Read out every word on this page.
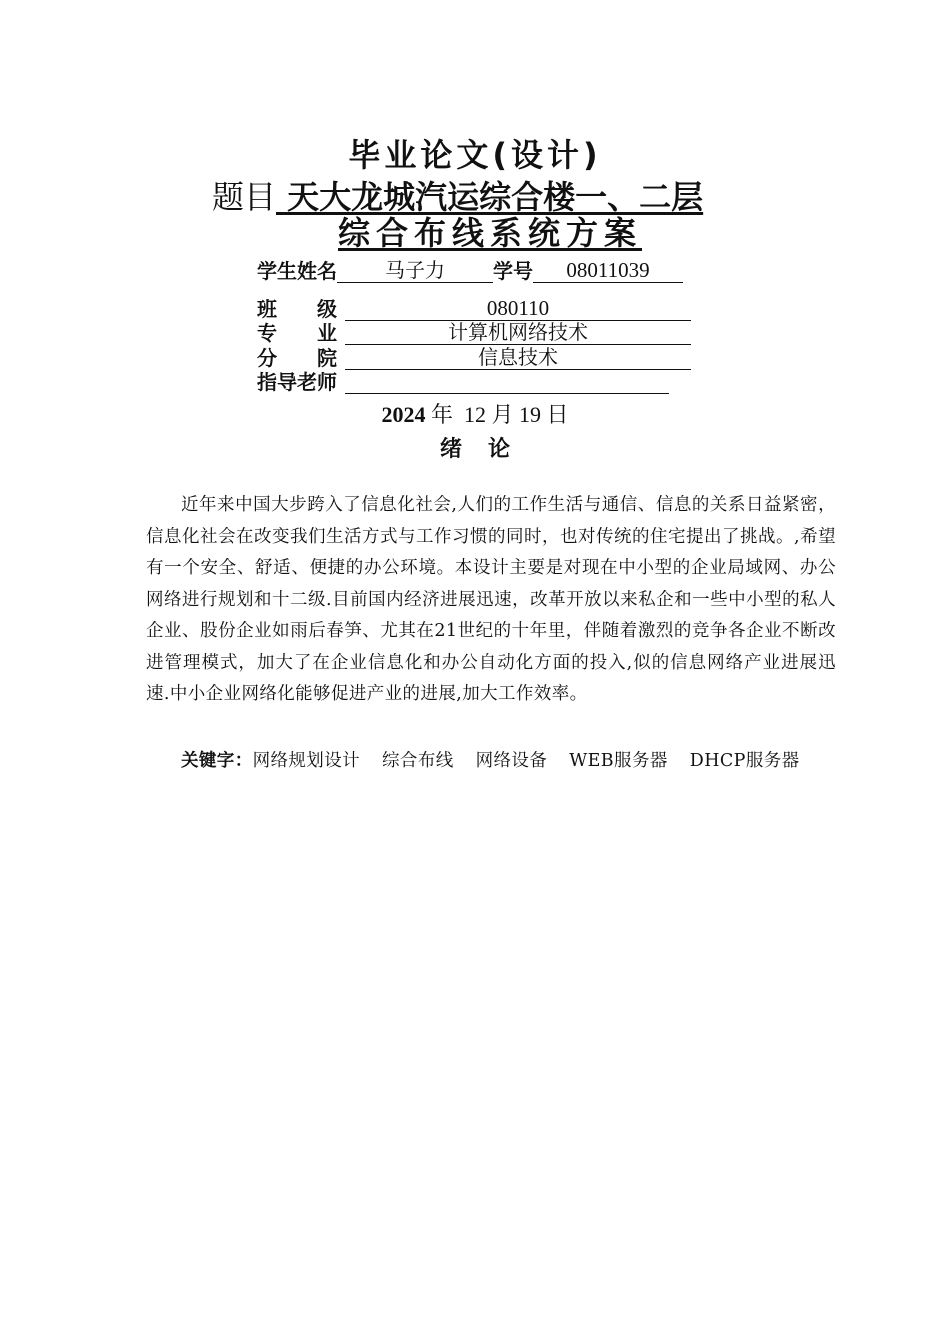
毕业论文(设计)
题目 天大龙城汽运综合楼一、二层
综合布线系统方案
学生姓名 马子力 学号 08011039
班　　级	080110
专　　业	计算机网络技术
分　　院	信息技术
指导老师
2024 年 12 月 19 日
绪论
近年来中国大步跨入了信息化社会,人们的工作生活与通信、信息的关系日益紧密， 信息化社会在改变我们生活方式与工作习惯的同时，也对传统的住宅提出了挑战。,希望有一个安全、舒适、便捷的办公环境。本设计主要是对现在中小型的企业局域网、办公网络进行规划和十二级.目前国内经济进展迅速，改革开放以来私企和一些中小型的私人企业、股份企业如雨后春笋、尤其在21世纪的十年里，伴随着激烈的竞争各企业不断改进管理模式，加大了在企业信息化和办公自动化方面的投入,似的信息网络产业进展迅速.中小企业网络化能够促进产业的进展,加大工作效率。
关键字：网络规划设计 综合布线 网络设备 WEB服务器 DHCP服务器
